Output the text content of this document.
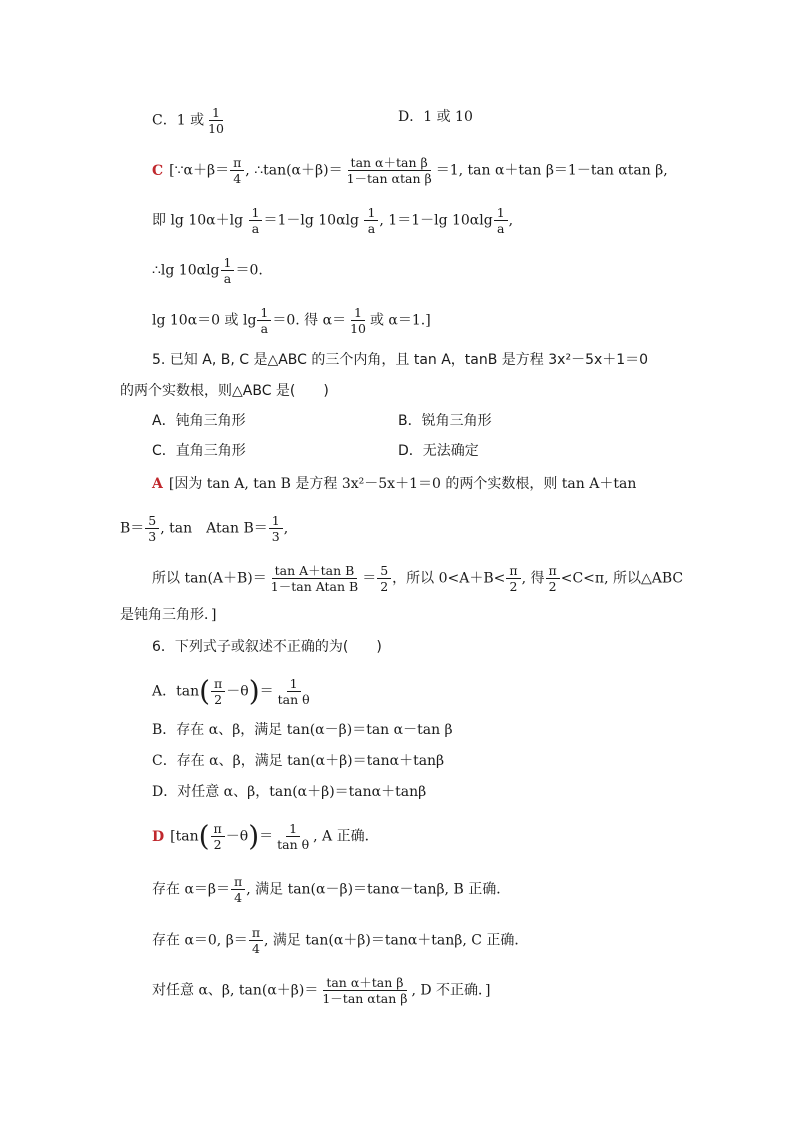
C．1 或 $\frac{1}{10}$	D．1 或 10
C [∵α＋β＝ $\frac{\pi}{4}$ , ∴tan(α＋β)＝ $\frac{\text{tan α＋tan β}}{\text{1－tan αtan β}} =1$, tan α＋tan β＝1－tan αtan β,
即 $\lg 10\alpha+\lg \frac{1}{a} =1-\lg$ $10\alpha\lg \frac{1}{a}$ , 1＝1－lg $10\alpha\lg \frac{1}{a}$ ,
∴lg $10\alpha\lg \frac{1}{a} =0$.
lg 10α＝0 或 $\lg \frac{1}{a} =0$. 得 $\alpha= \frac{1}{10}$ 或 α＝1.]
5. 已知 A, B, C 是△ABC 的三个内角，且 tan A，tanB 是方程 3x²－5x＋1＝0
的两个实数根，则△ABC 是(　　)
A．钝角三角形	B．锐角三角形
C．直角三角形	D．无法确定
A [因为 tan A, tan B 是方程 3x²－5x＋1＝0 的两个实数根，则 tan A＋tan
$B= \frac{5}{3}$ , tan　Atan $B= \frac{1}{3}$ ,
所以 $\tan(A+B)= \frac{\text{tan A＋tan B}}{\text{1－tan Atan B}} = \frac{5}{2}$ ，所以 $0<A+B< \frac{\pi}{2}$ , 得 $\frac{\pi}{2} <C<\pi$, 所以△ABC
是钝角三角形．]
6．下列式子或叙述不正确的为(　　)
A．$\tan( \frac{\pi}{2} -\theta)= \frac{1}{\text{tan θ}}$
B．存在 α、β，满足 tan(α－β)＝tan α－tan β
C．存在 α、β，满足 tan(α＋β)＝tanα＋tanβ
D．对任意 α、β，tan(α＋β)＝tanα＋tanβ
D [$\tan( \frac{\pi}{2} -\theta)= \frac{1}{\text{tan θ}}$ , A 正确．
存在 $\alpha=\beta= \frac{\pi}{4}$ , 满足 tan(α－β)＝tanα－tanβ, B 正确．
存在 α＝0, $\beta= \frac{\pi}{4}$ , 满足 tan(α＋β)＝tanα＋tanβ, C 正确．
对任意 α、β, $\tan(\alpha+\beta)= \frac{\text{tan α＋tan β}}{\text{1－tan αtan β}}$ , D 不正确．]
